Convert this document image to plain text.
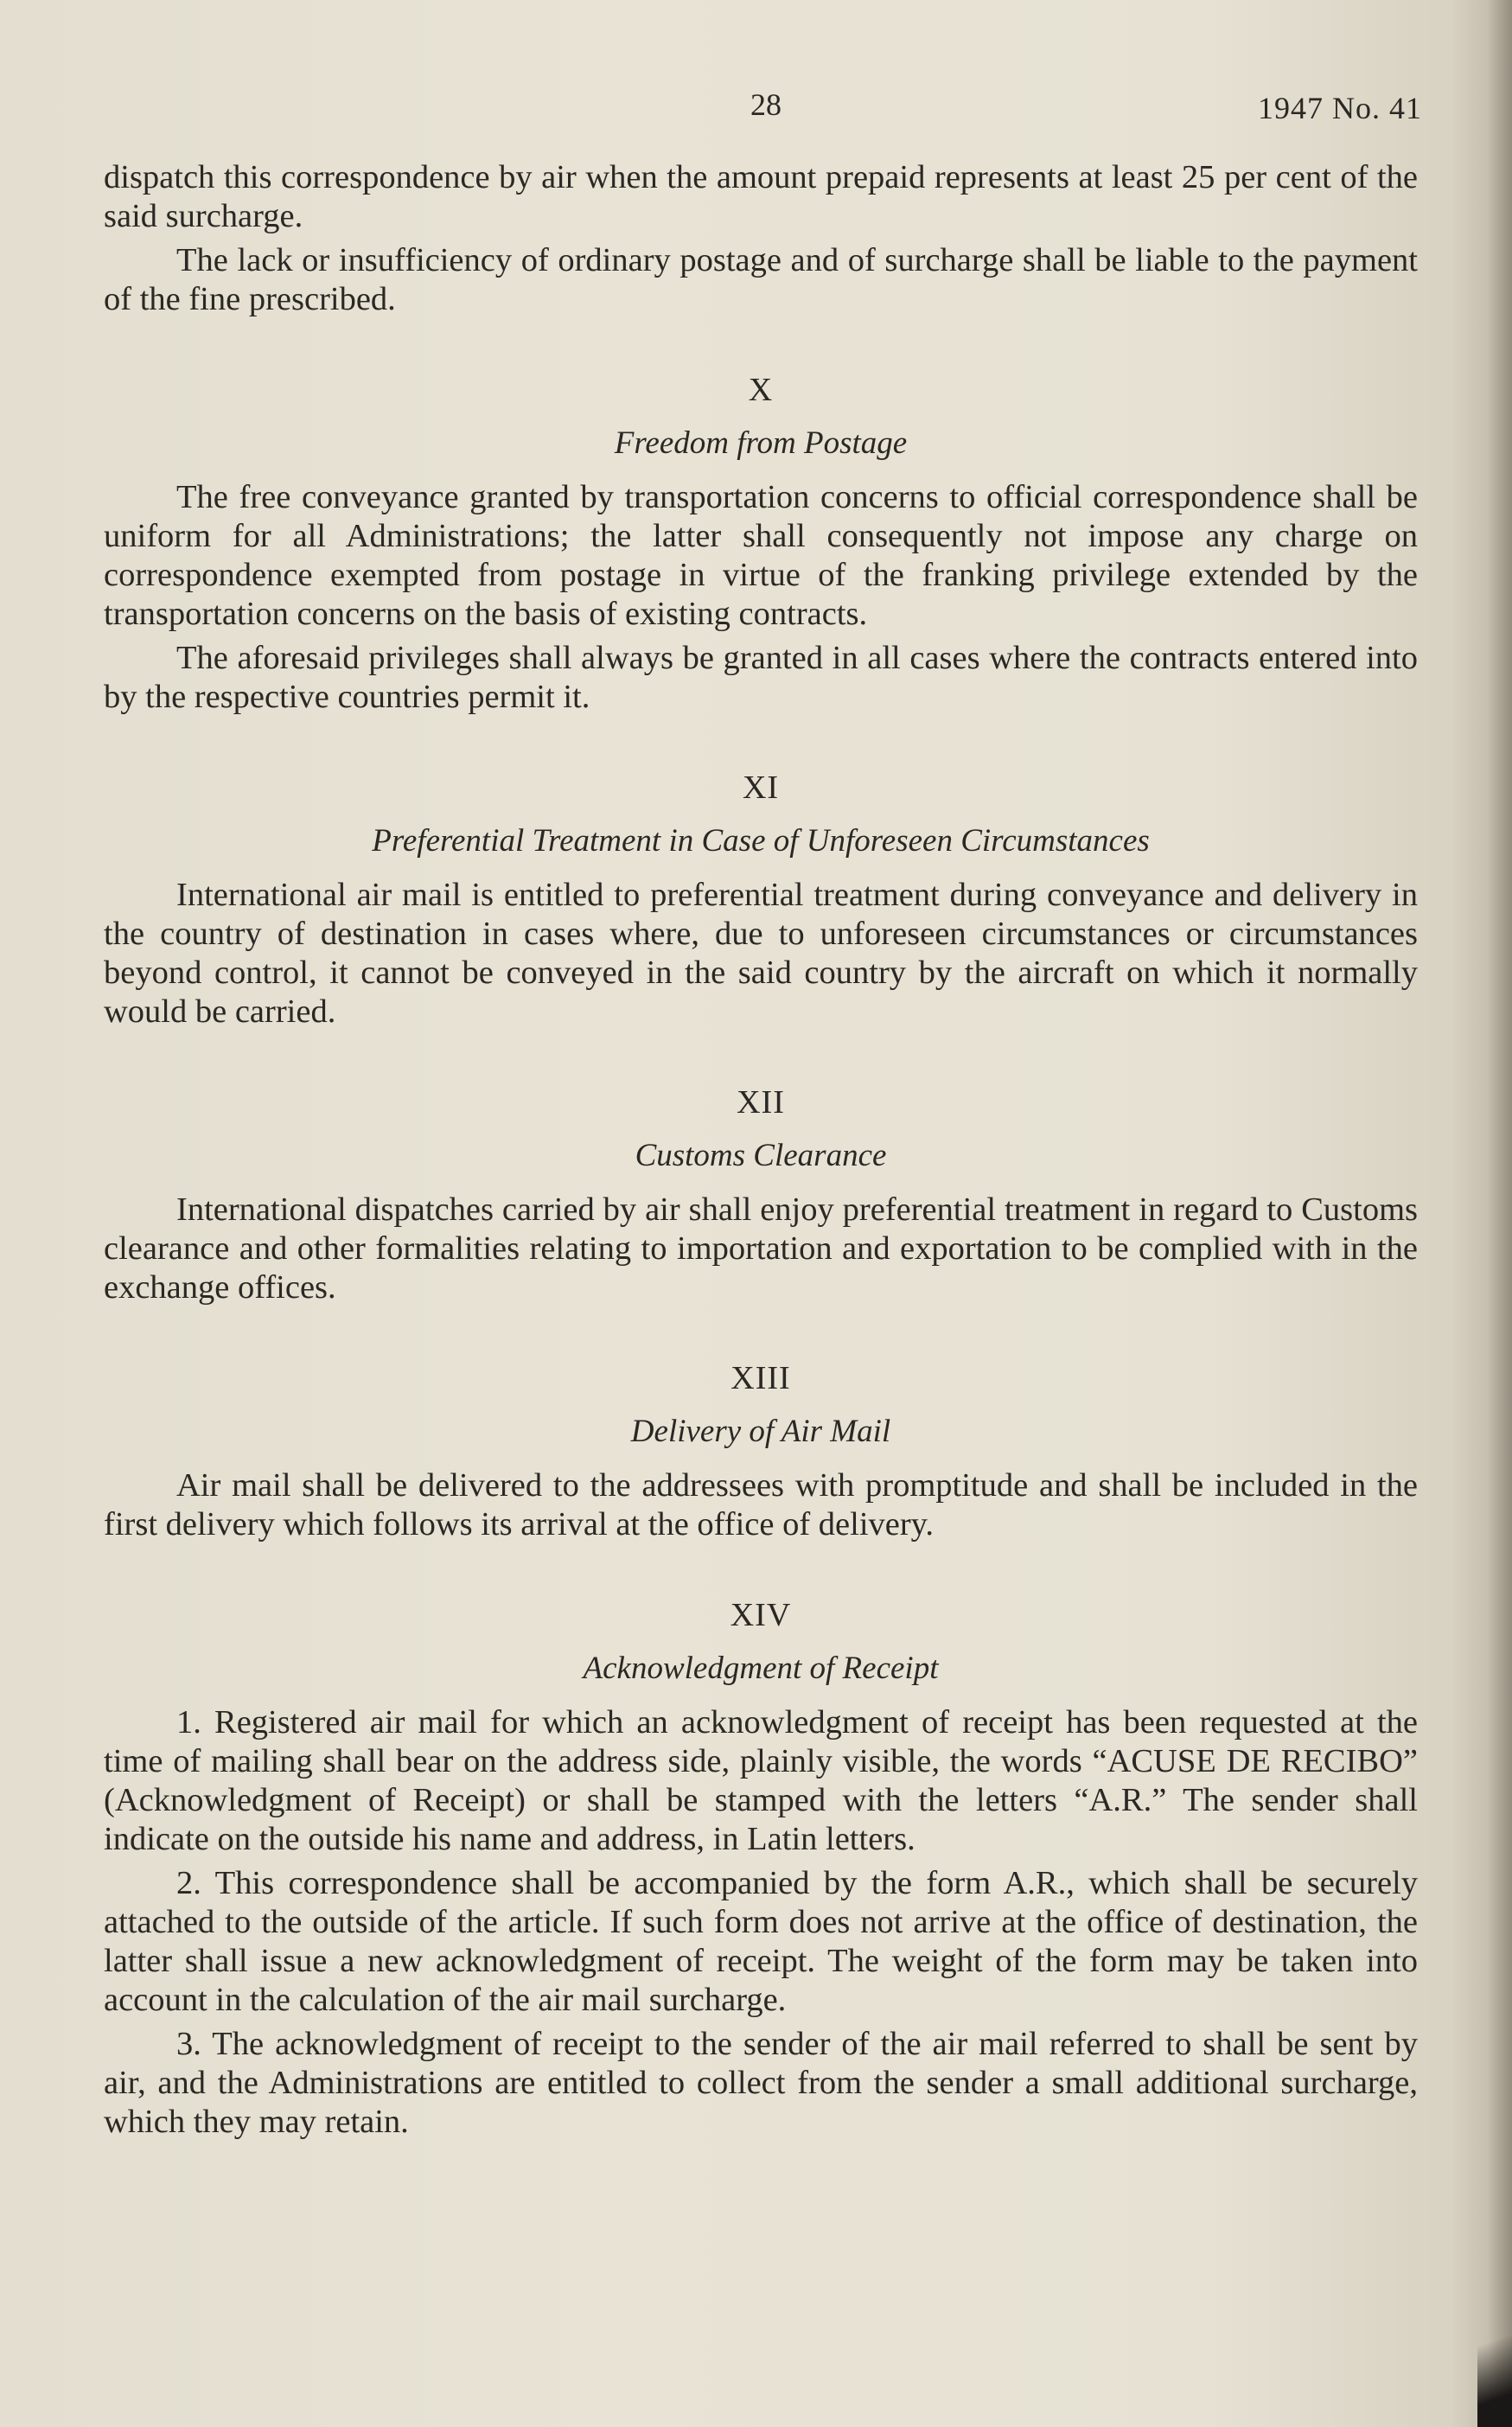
28	1947 No. 41

dispatch this correspondence by air when the amount prepaid represents at least 25 per cent of the said surcharge.

The lack or insufficiency of ordinary postage and of surcharge shall be liable to the payment of the fine prescribed.

X
Freedom from Postage

The free conveyance granted by transportation concerns to official correspondence shall be uniform for all Administrations; the latter shall consequently not impose any charge on correspondence exempted from postage in virtue of the franking privilege extended by the transportation concerns on the basis of existing contracts.

The aforesaid privileges shall always be granted in all cases where the contracts entered into by the respective countries permit it.

XI
Preferential Treatment in Case of Unforeseen Circumstances

International air mail is entitled to preferential treatment during conveyance and delivery in the country of destination in cases where, due to unforeseen circumstances or circumstances beyond control, it cannot be conveyed in the said country by the aircraft on which it normally would be carried.

XII
Customs Clearance

International dispatches carried by air shall enjoy preferential treatment in regard to Customs clearance and other formalities relating to importation and exportation to be complied with in the exchange offices.

XIII
Delivery of Air Mail

Air mail shall be delivered to the addressees with promptitude and shall be included in the first delivery which follows its arrival at the office of delivery.

XIV
Acknowledgment of Receipt

1. Registered air mail for which an acknowledgment of receipt has been requested at the time of mailing shall bear on the address side, plainly visible, the words “ACUSE DE RECIBO” (Acknowledgment of Receipt) or shall be stamped with the letters “A.R.” The sender shall indicate on the outside his name and address, in Latin letters.

2. This correspondence shall be accompanied by the form A.R., which shall be securely attached to the outside of the article. If such form does not arrive at the office of destination, the latter shall issue a new acknowledgment of receipt. The weight of the form may be taken into account in the calculation of the air mail surcharge.

3. The acknowledgment of receipt to the sender of the air mail referred to shall be sent by air, and the Administrations are entitled to collect from the sender a small additional surcharge, which they may retain.
